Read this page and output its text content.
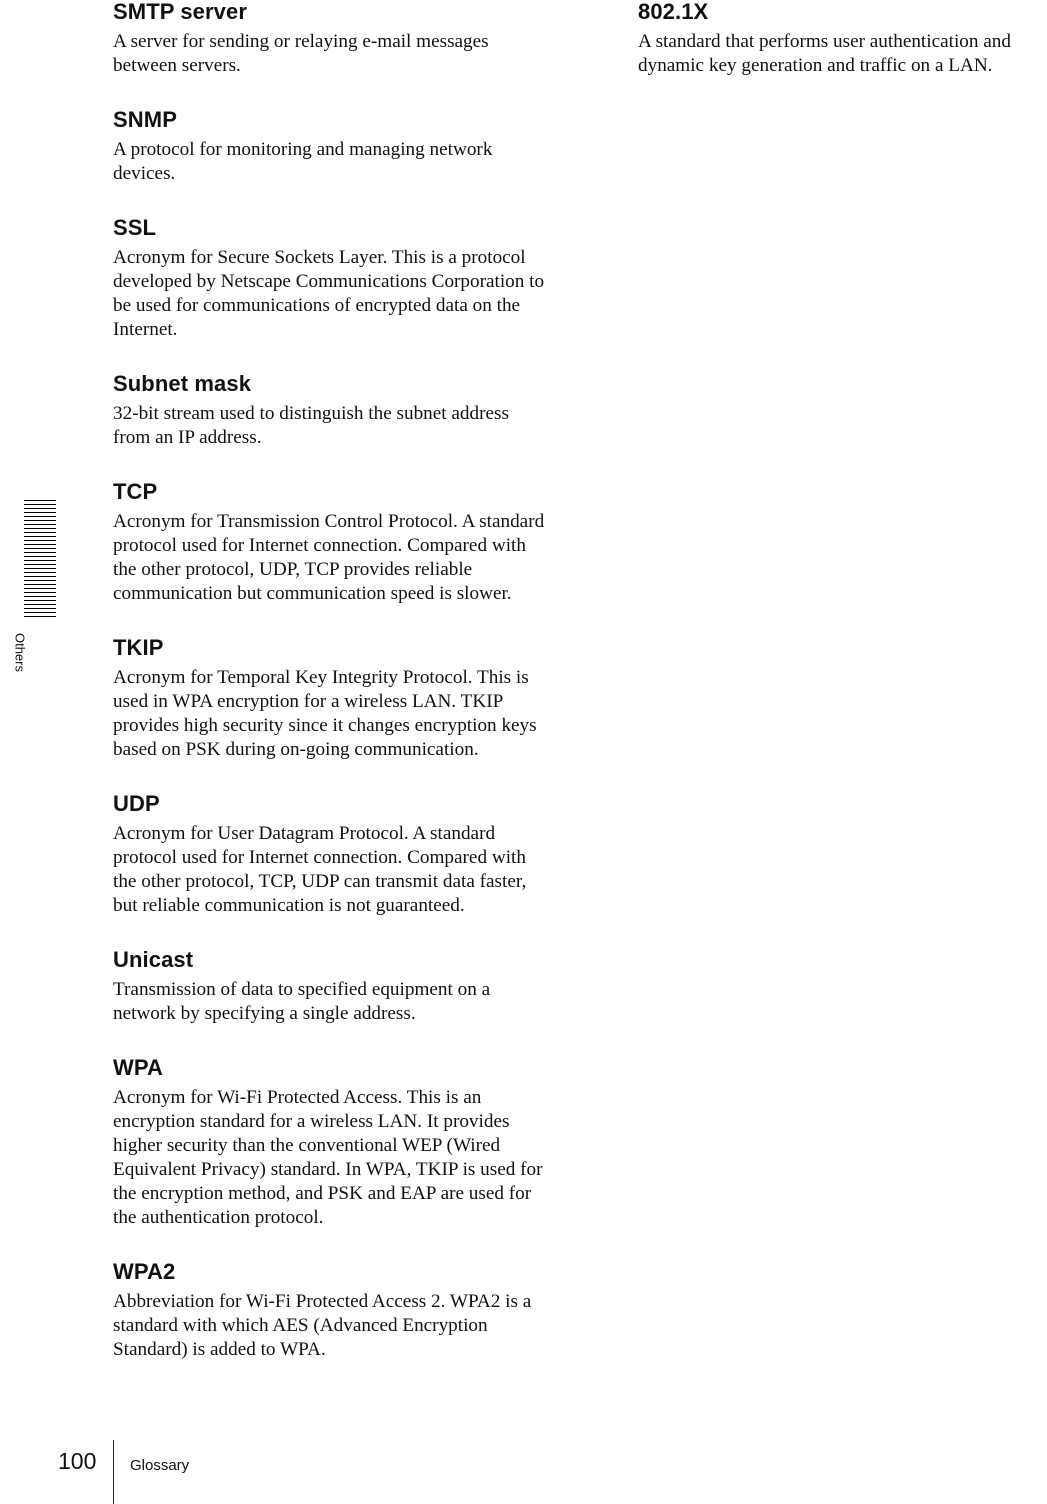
SMTP server

A server for sending or relaying e-mail messages
between servers.

SNMP

A protocol for monitoring and managing network
devices.

SSL

Acronym for Secure Sockets Layer. This is a protocol
developed by Netscape Communications Corporation to
be used for communications of encrypted data on the
Internet.

Subnet mask

32-bit stream used to distinguish the subnet address
from an IP address.

TCP

Acronym for Transmission Control Protocol. A standard
protocol used for Internet connection. Compared with
the other protocol, UDP, TCP provides reliable
communication but communication speed is slower.

TKIP

Acronym for Temporal Key Integrity Protocol. This is
used in WPA encryption for a wireless LAN. TKIP
provides high security since it changes encryption keys
based on PSK during on-going communication.

UDP

Acronym for User Datagram Protocol. A standard
protocol used for Internet connection. Compared with
the other protocol, TCP, UDP can transmit data faster,
but reliable communication is not guaranteed.

Unicast

Transmission of data to specified equipment on a
network by specifying a single address.

WPA

Acronym for Wi-Fi Protected Access. This is an
encryption standard for a wireless LAN. It provides
higher security than the conventional WEP (Wired
Equivalent Privacy) standard. In WPA, TKIP is used for
the encryption method, and PSK and EAP are used for
the authentication protocol.

WPA2

Abbreviation for Wi-Fi Protected Access 2. WPA2 is a
standard with which AES (Advanced Encryption
Standard) is added to WPA.

802.1X

A standard that performs user authentication and
dynamic key generation and traffic on a LAN.

Others
100 Glossary
